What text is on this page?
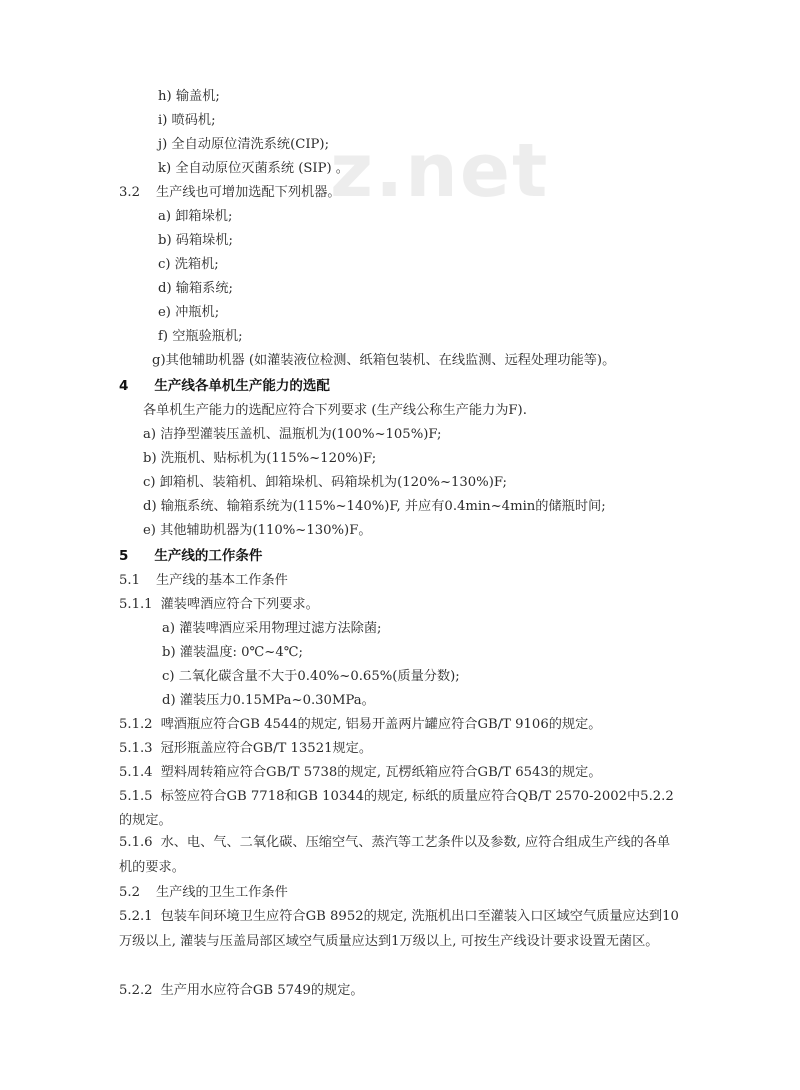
z.net
h) 输盖机;
i) 喷码机;
j) 全自动原位清洗系统(CIP);
k) 全自动原位灭菌系统 (SIP) 。
3.2 生产线也可增加选配下列机器。
a) 卸箱垛机;
b) 码箱垛机;
c) 洗箱机;
d) 输箱系统;
e) 冲瓶机;
f) 空瓶验瓶机;
g)其他辅助机器 (如灌装液位检测、纸箱包装机、在线监测、远程处理功能等)。
4 生产线各单机生产能力的选配
各单机生产能力的选配应符合下列要求 (生产线公称生产能力为F).
a) 洁挣型灌装压盖机、温瓶机为(100%~105%)F;
b) 洗瓶机、贴标机为(115%~120%)F;
c) 卸箱机、装箱机、卸箱垛机、码箱垛机为(120%~130%)F;
d) 输瓶系统、输箱系统为(115%~140%)F, 并应有0.4min~4min的储瓶时间;
e) 其他辅助机器为(110%~130%)F。
5 生产线的工作条件
5.1 生产线的基本工作条件
5.1.1 灌装啤酒应符合下列要求。
a) 灌装啤酒应采用物理过滤方法除菌;
b) 灌装温度: 0℃~4℃;
c) 二氧化碳含量不大于0.40%~0.65%(质量分数);
d) 灌装压力0.15MPa~0.30MPa。
5.1.2 啤酒瓶应符合GB 4544的规定, 铝易开盖两片罐应符合GB/T 9106的规定。
5.1.3 冠形瓶盖应符合GB/T 13521规定。
5.1.4 塑料周转箱应符合GB/T 5738的规定, 瓦楞纸箱应符合GB/T 6543的规定。
5.1.5 标签应符合GB 7718和GB 10344的规定, 标纸的质量应符合QB/T 2570-2002中5.2.2
的规定。
5.1.6 水、电、气、二氧化碳、压缩空气、蒸汽等工艺条件以及参数, 应符合组成生产线的各单机的要求。
5.2 生产线的卫生工作条件
5.2.1 包装车间环境卫生应符合GB 8952的规定, 洗瓶机出口至灌装入口区域空气质量应达到10万级以上, 灌装与压盖局部区域空气质量应达到1万级以上, 可按生产线设计要求设置无菌区。
5.2.2 生产用水应符合GB 5749的规定。
